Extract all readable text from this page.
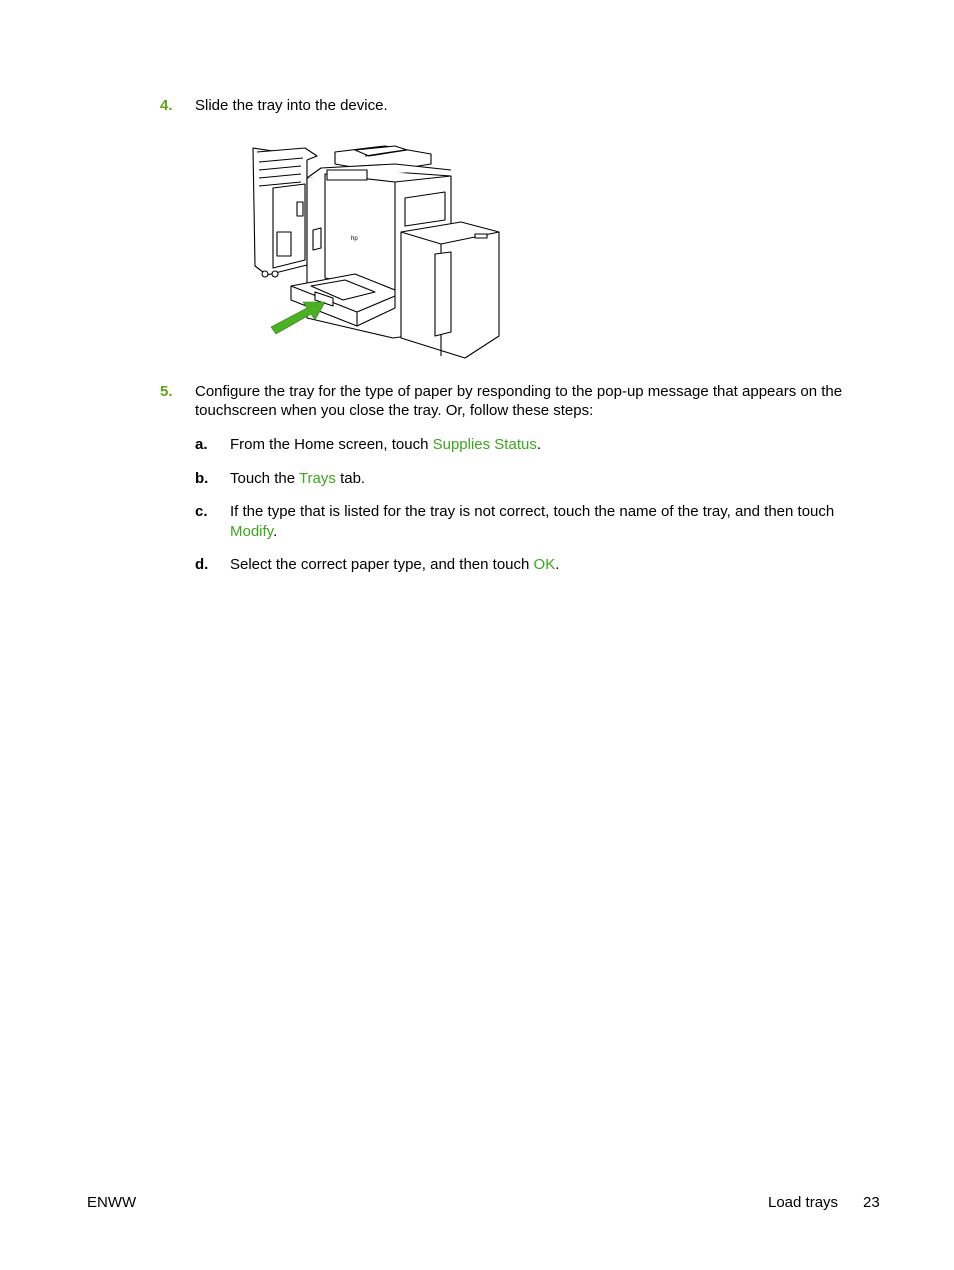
4. Slide the tray into the device.
hp
5. Configure the tray for the type of paper by responding to the pop-up message that appears on the
touchscreen when you close the tray. Or, follow these steps:
a. From the Home screen, touch Supplies Status.
b. Touch the Trays tab.
c. If the type that is listed for the tray is not correct, touch the name of the tray, and then touch
Modify.
d. Select the correct paper type, and then touch OK.
ENWW	Load trays 23
